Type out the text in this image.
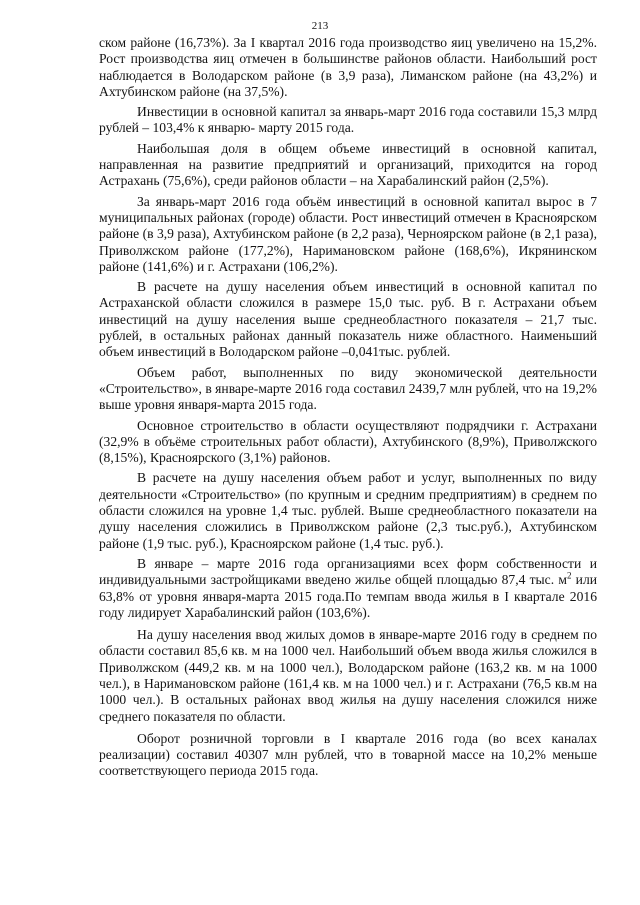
213

ском районе (16,73%). За I квартал 2016 года производство яиц увеличено на 15,2%. Рост производства яиц отмечен в большинстве районов области. Наибольший рост наблюдается в Володарском районе (в 3,9 раза), Лиманском районе (на 43,2%) и Ахтубинском районе (на 37,5%).

Инвестиции в основной капитал за январь-март 2016 года составили 15,3 млрд рублей – 103,4% к январю- марту 2015 года.

Наибольшая доля в общем объеме инвестиций в основной капитал, направленная на развитие предприятий и организаций, приходится на город Астрахань (75,6%), среди районов области – на Харабалинский район (2,5%).

За январь-март 2016 года объём инвестиций в основной капитал вырос в 7 муниципальных районах (городе) области. Рост инвестиций отмечен в Красноярском районе (в 3,9 раза), Ахтубинском районе (в 2,2 раза), Черноярском районе (в 2,1 раза), Приволжском районе (177,2%), Наримановском районе (168,6%), Икрянинском районе (141,6%) и г. Астрахани (106,2%).

В расчете на душу населения объем инвестиций в основной капитал по Астраханской области сложился в размере 15,0 тыс. руб. В г. Астрахани объем инвестиций на душу населения выше среднеобластного показателя – 21,7 тыс. рублей, в остальных районах данный показатель ниже областного. Наименьший объем инвестиций в Володарском районе –0,041тыс. рублей.

Объем работ, выполненных по виду экономической деятельности «Строительство», в январе-марте 2016 года составил 2439,7 млн рублей, что на 19,2% выше уровня января-марта 2015 года.

Основное строительство в области осуществляют подрядчики г. Астрахани (32,9% в объёме строительных работ области), Ахтубинского (8,9%), Приволжского (8,15%), Красноярского (3,1%) районов.

В расчете на душу населения объем работ и услуг, выполненных по виду деятельности «Строительство» (по крупным и средним предприятиям) в среднем по области сложился на уровне 1,4 тыс. рублей. Выше среднеобластного показатели на душу населения сложились в Приволжском районе (2,3 тыс.руб.), Ахтубинском районе (1,9 тыс. руб.), Красноярском районе (1,4 тыс. руб.).

В январе – марте 2016 года организациями всех форм собственности и индивидуальными застройщиками введено жилье общей площадью 87,4 тыс. $м^2$ или 63,8% от уровня января-марта 2015 года.По темпам ввода жилья в I квартале 2016 году лидирует Харабалинский район (103,6%).

На душу населения ввод жилых домов в январе-марте 2016 году в среднем по области составил 85,6 кв. м на 1000 чел. Наибольший объем ввода жилья сложился в Приволжском (449,2 кв. м на 1000 чел.), Володарском районе (163,2 кв. м на 1000 чел.), в Наримановском районе (161,4 кв. м на 1000 чел.) и г. Астрахани (76,5 кв.м на 1000 чел.). В остальных районах ввод жилья на душу населения сложился ниже среднего показателя по области.

Оборот розничной торговли в I квартале 2016 года (во всех каналах реализации) составил 40307 млн рублей, что в товарной массе на 10,2% меньше соответствующего периода 2015 года.
